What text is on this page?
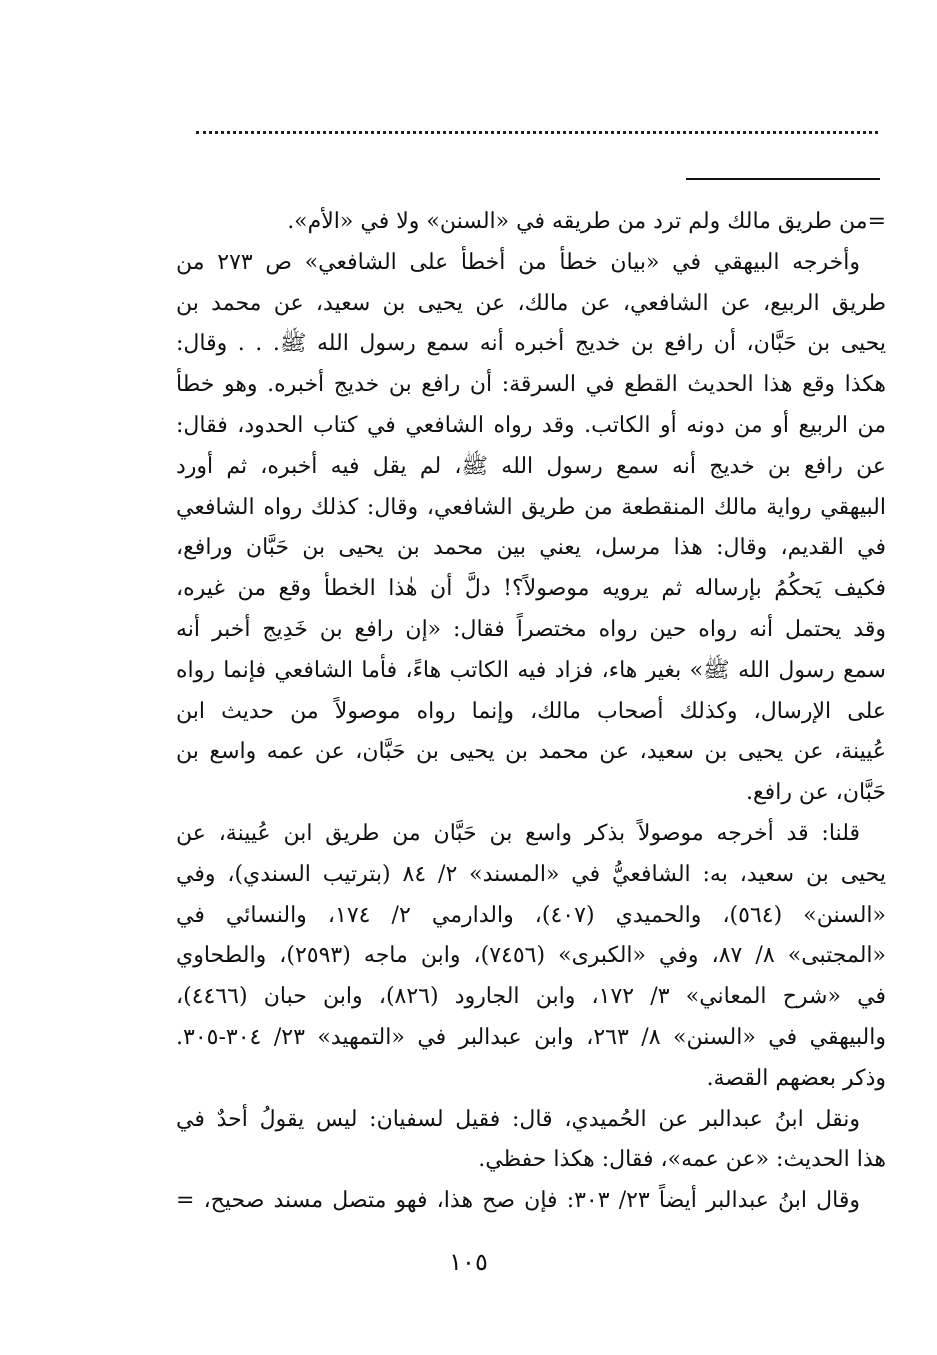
=من طريق مالك ولم ترد من طريقه في «السنن» ولا في «الأم».
وأخرجه البيهقي في «بيان خطأ من أخطأ على الشافعي» ص ٢٧٣ من
طريق الربيع، عن الشافعي، عن مالك، عن يحيى بن سعيد، عن محمد بن
يحيى بن حَبَّان، أن رافع بن خديج أخبره أنه سمع رسول الله ﷺ. . . وقال:
هكذا وقع هذا الحديث القطع في السرقة: أن رافع بن خديج أخبره. وهو خطأ
من الربيع أو من دونه أو الكاتب. وقد رواه الشافعي في كتاب الحدود، فقال:
عن رافع بن خديج أنه سمع رسول الله ﷺ، لم يقل فيه أخبره، ثم أورد
البيهقي رواية مالك المنقطعة من طريق الشافعي، وقال: كذلك رواه الشافعي
في القديم، وقال: هذا مرسل، يعني بين محمد بن يحيى بن حَبَّان ورافع،
فكيف يَحكُمُ بإرساله ثم يرويه موصولاً؟! دلَّ أن هٰذا الخطأ وقع من غيره،
وقد يحتمل أنه رواه حين رواه مختصراً فقال: «إن رافع بن خَدِيج أخبر أنه
سمع رسول الله ﷺ» بغير هاء، فزاد فيه الكاتب هاءً، فأما الشافعي فإنما رواه
على الإرسال، وكذلك أصحاب مالك، وإنما رواه موصولاً من حديث ابن
عُيينة، عن يحيى بن سعيد، عن محمد بن يحيى بن حَبَّان، عن عمه واسع بن
حَبَّان، عن رافع.
قلنا: قد أخرجه موصولاً بذكر واسع بن حَبَّان من طريق ابن عُيينة، عن
يحيى بن سعيد، به: الشافعيُّ في «المسند» ٢/ ٨٤ (بترتيب السندي)، وفي
«السنن» (٥٦٤)، والحميدي (٤٠٧)، والدارمي ٢/ ١٧٤، والنسائي في
«المجتبى» ٨/ ٨٧، وفي «الكبرى» (٧٤٥٦)، وابن ماجه (٢٥٩٣)، والطحاوي
في «شرح المعاني» ٣/ ١٧٢، وابن الجارود (٨٢٦)، وابن حبان (٤٤٦٦)،
والبيهقي في «السنن» ٨/ ٢٦٣، وابن عبدالبر في «التمهيد» ٢٣/ ٣٠٤-٣٠٥.
وذكر بعضهم القصة.
ونقل ابنُ عبدالبر عن الحُميدي، قال: فقيل لسفيان: ليس يقولُ أحدٌ في
هذا الحديث: «عن عمه»، فقال: هكذا حفظي.
وقال ابنُ عبدالبر أيضاً ٢٣/ ٣٠٣: فإن صح هذا، فهو متصل مسند صحيح، =
١٠٥
